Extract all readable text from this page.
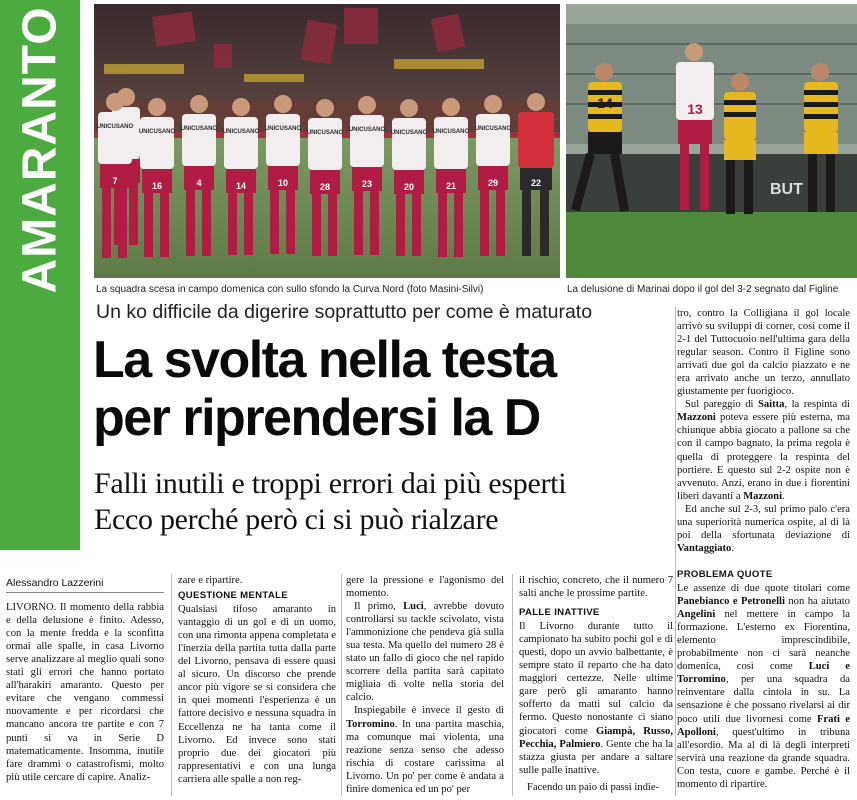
AMARANTO	UNICUSANO
UNICUSANO UNICUSANO UNICUSANO UNICUSANO
UNICUSANO UNICUSANO UNICUSANO UNICUSANO UNICUSANO
7	16	4	14	10	28	23	20	21	29	22	BUT
14	13
La squadra scesa in campo domenica con sullo sfondo la Curva Nord (foto Masini-Silvi)	La delusione di Marinai dopo il gol del 3-2 segnato dal Figline
Un ko difficile da digerire soprattutto per come è maturato
La svolta nella testa
per riprendersi la D
Falli inutili e troppi errori dai più esperti
Ecco perché però ci si può rialzare
Alessandro Lazzerini

LIVORNO. Il momento della rabbia e della delusione è finito. Adesso, con la mente fredda e la sconfitta ormai alle spalle, in casa Livorno serve analizzare al meglio quali sono stati gli errori che hanno portato all'harakiri amaranto. Questo per evitare che vengano commessi nuovamente e per ricordarsi che mancano ancora tre partite e con 7 punti si va in Serie D matematicamente. Insomma, inutile fare drammi o catastrofismi, molto più utile cercare di capire. Analiz-

zare e ripartire.

QUESTIONE MENTALE

Qualsiasi tifoso amaranto in vantaggio di un gol e di un uomo, con una rimonta appena completata e l'inerzia della partita tutta dalla parte del Livorno, pensava di essere quasi al sicuro. Un discorso che prende ancor più vigore se si considera che in quei momenti l'esperienza è un fattore decisivo e nessuna squadra in Eccellenza ne ha tanta come il Livorno. Ed invece sono stati proprio due dei giocatori più rappresentativi e con una lunga carriera alle spalle a non reg-

gere la pressione e l'agonismo del momento.

Il primo, Luci, avrebbe dovuto controllarsi su tackle scivolato, vista l'ammonizione che pendeva già sulla sua testa. Ma quello del numero 28 è stato un fallo di gioco che nel rapido scorrere della partita sarà capitato migliaia di volte nella storia del calcio.

Inspiegabile è invece il gesto di Torromino. In una partita maschia, ma comunque mai violenta, una reazione senza senso che adesso rischia di costare carissima al Livorno. Un po' per come è andata a finire domenica ed un po' per

il rischio, concreto, che il numero 7 salti anche le prossime partite.

PALLE INATTIVE

Il Livorno durante tutto il campionato ha subito pochi gol e di questi, dopo un avvio balbettante, è sempre stato il reparto che ha dato maggiori certezze. Nelle ultime gare però gli amaranto hanno sofferto da matti sul calcio da fermo. Questo nonostante ci siano giocatori come Giampà, Russo, Pecchia, Palmiero. Gente che ha la stazza giusta per andare a saltare sulle palle inattive.

Facendo un paio di passi indie-

tro, contro la Colligiana il gol locale arrivò su sviluppi di corner, così come il 2-1 del Tuttocuoio nell'ultima gara della regular season. Contro il Figline sono arrivati due gol da calcio piazzato e ne era arrivato anche un terzo, annullato giustamente per fuorigioco.

Sul pareggio di Saitta, la respinta di Mazzoni poteva essere più esterna, ma chiunque abbia giocato a pallone sa che con il campo bagnato, la prima regola è quella di proteggere la respinta del portiere. E questo sul 2-2 ospite non è avvenuto. Anzi, erano in due i fiorentini liberi davanti a Mazzoni.

Ed anche sul 2-3, sul primo palo c'era una superiorità numerica ospite, al di là poi della sfortunata deviazione di Vantaggiato.

PROBLEMA QUOTE

Le assenze di due quote titolari come Panebianco e Petronelli non ha aiutato Angelini nel mettere in campo la formazione. L'esterno ex Fiorentina, elemento imprescindibile, probabilmente non ci sarà neanche domenica, così come Luci e Torromino, per una squadra da reinventare dalla cintola in su. La sensazione è che possano rivelarsi ai dir poco utili due livornesi come Frati e Apolloni, quest'ultimo in tribuna all'esordio. Ma al di là degli interpreti servirà una reazione da grande squadra. Con testa, cuore e gambe. Perché è il momento di ripartire.
